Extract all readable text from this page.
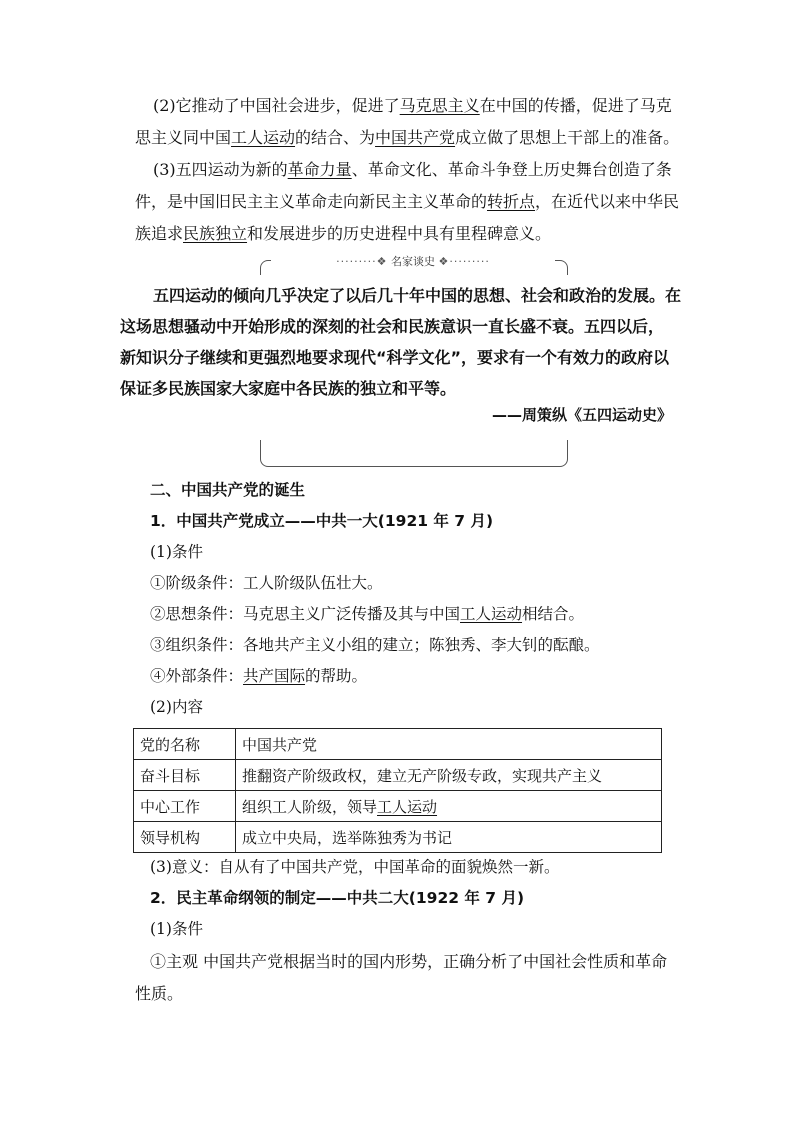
(2)它推动了中国社会进步，促进了马克思主义在中国的传播，促进了马克
思主义同中国工人运动的结合、为中国共产党成立做了思想上干部上的准备。

(3)五四运动为新的革命力量、革命文化、革命斗争登上历史舞台创造了条
件，是中国旧民主主义革命走向新民主主义革命的转折点，在近代以来中华民
族追求民族独立和发展进步的历史进程中具有里程碑意义。

·········❖ 名家谈史 ❖·········
五四运动的倾向几乎决定了以后几十年中国的思想、社会和政治的发展。在
这场思想骚动中开始形成的深刻的社会和民族意识一直长盛不衰。五四以后，
新知识分子继续和更强烈地要求现代“科学文化”，要求有一个有效力的政府以
保证多民族国家大家庭中各民族的独立和平等。
——周策纵《五四运动史》
二、中国共产党的诞生
1．中国共产党成立——中共一大(1921 年 7 月)
(1)条件
①阶级条件：工人阶级队伍壮大。
②思想条件：马克思主义广泛传播及其与中国工人运动相结合。
③组织条件：各地共产主义小组的建立；陈独秀、李大钊的酝酿。
④外部条件：共产国际的帮助。
(2)内容
党的名称	中国共产党
奋斗目标	推翻资产阶级政权，建立无产阶级专政，实现共产主义
中心工作	组织工人阶级，领导工人运动
领导机构	成立中央局，选举陈独秀为书记
(3)意义：自从有了中国共产党，中国革命的面貌焕然一新。
2．民主革命纲领的制定——中共二大(1922 年 7 月)
(1)条件
①主观 中国共产党根据当时的国内形势，正确分析了中国社会性质和革命
性质。
